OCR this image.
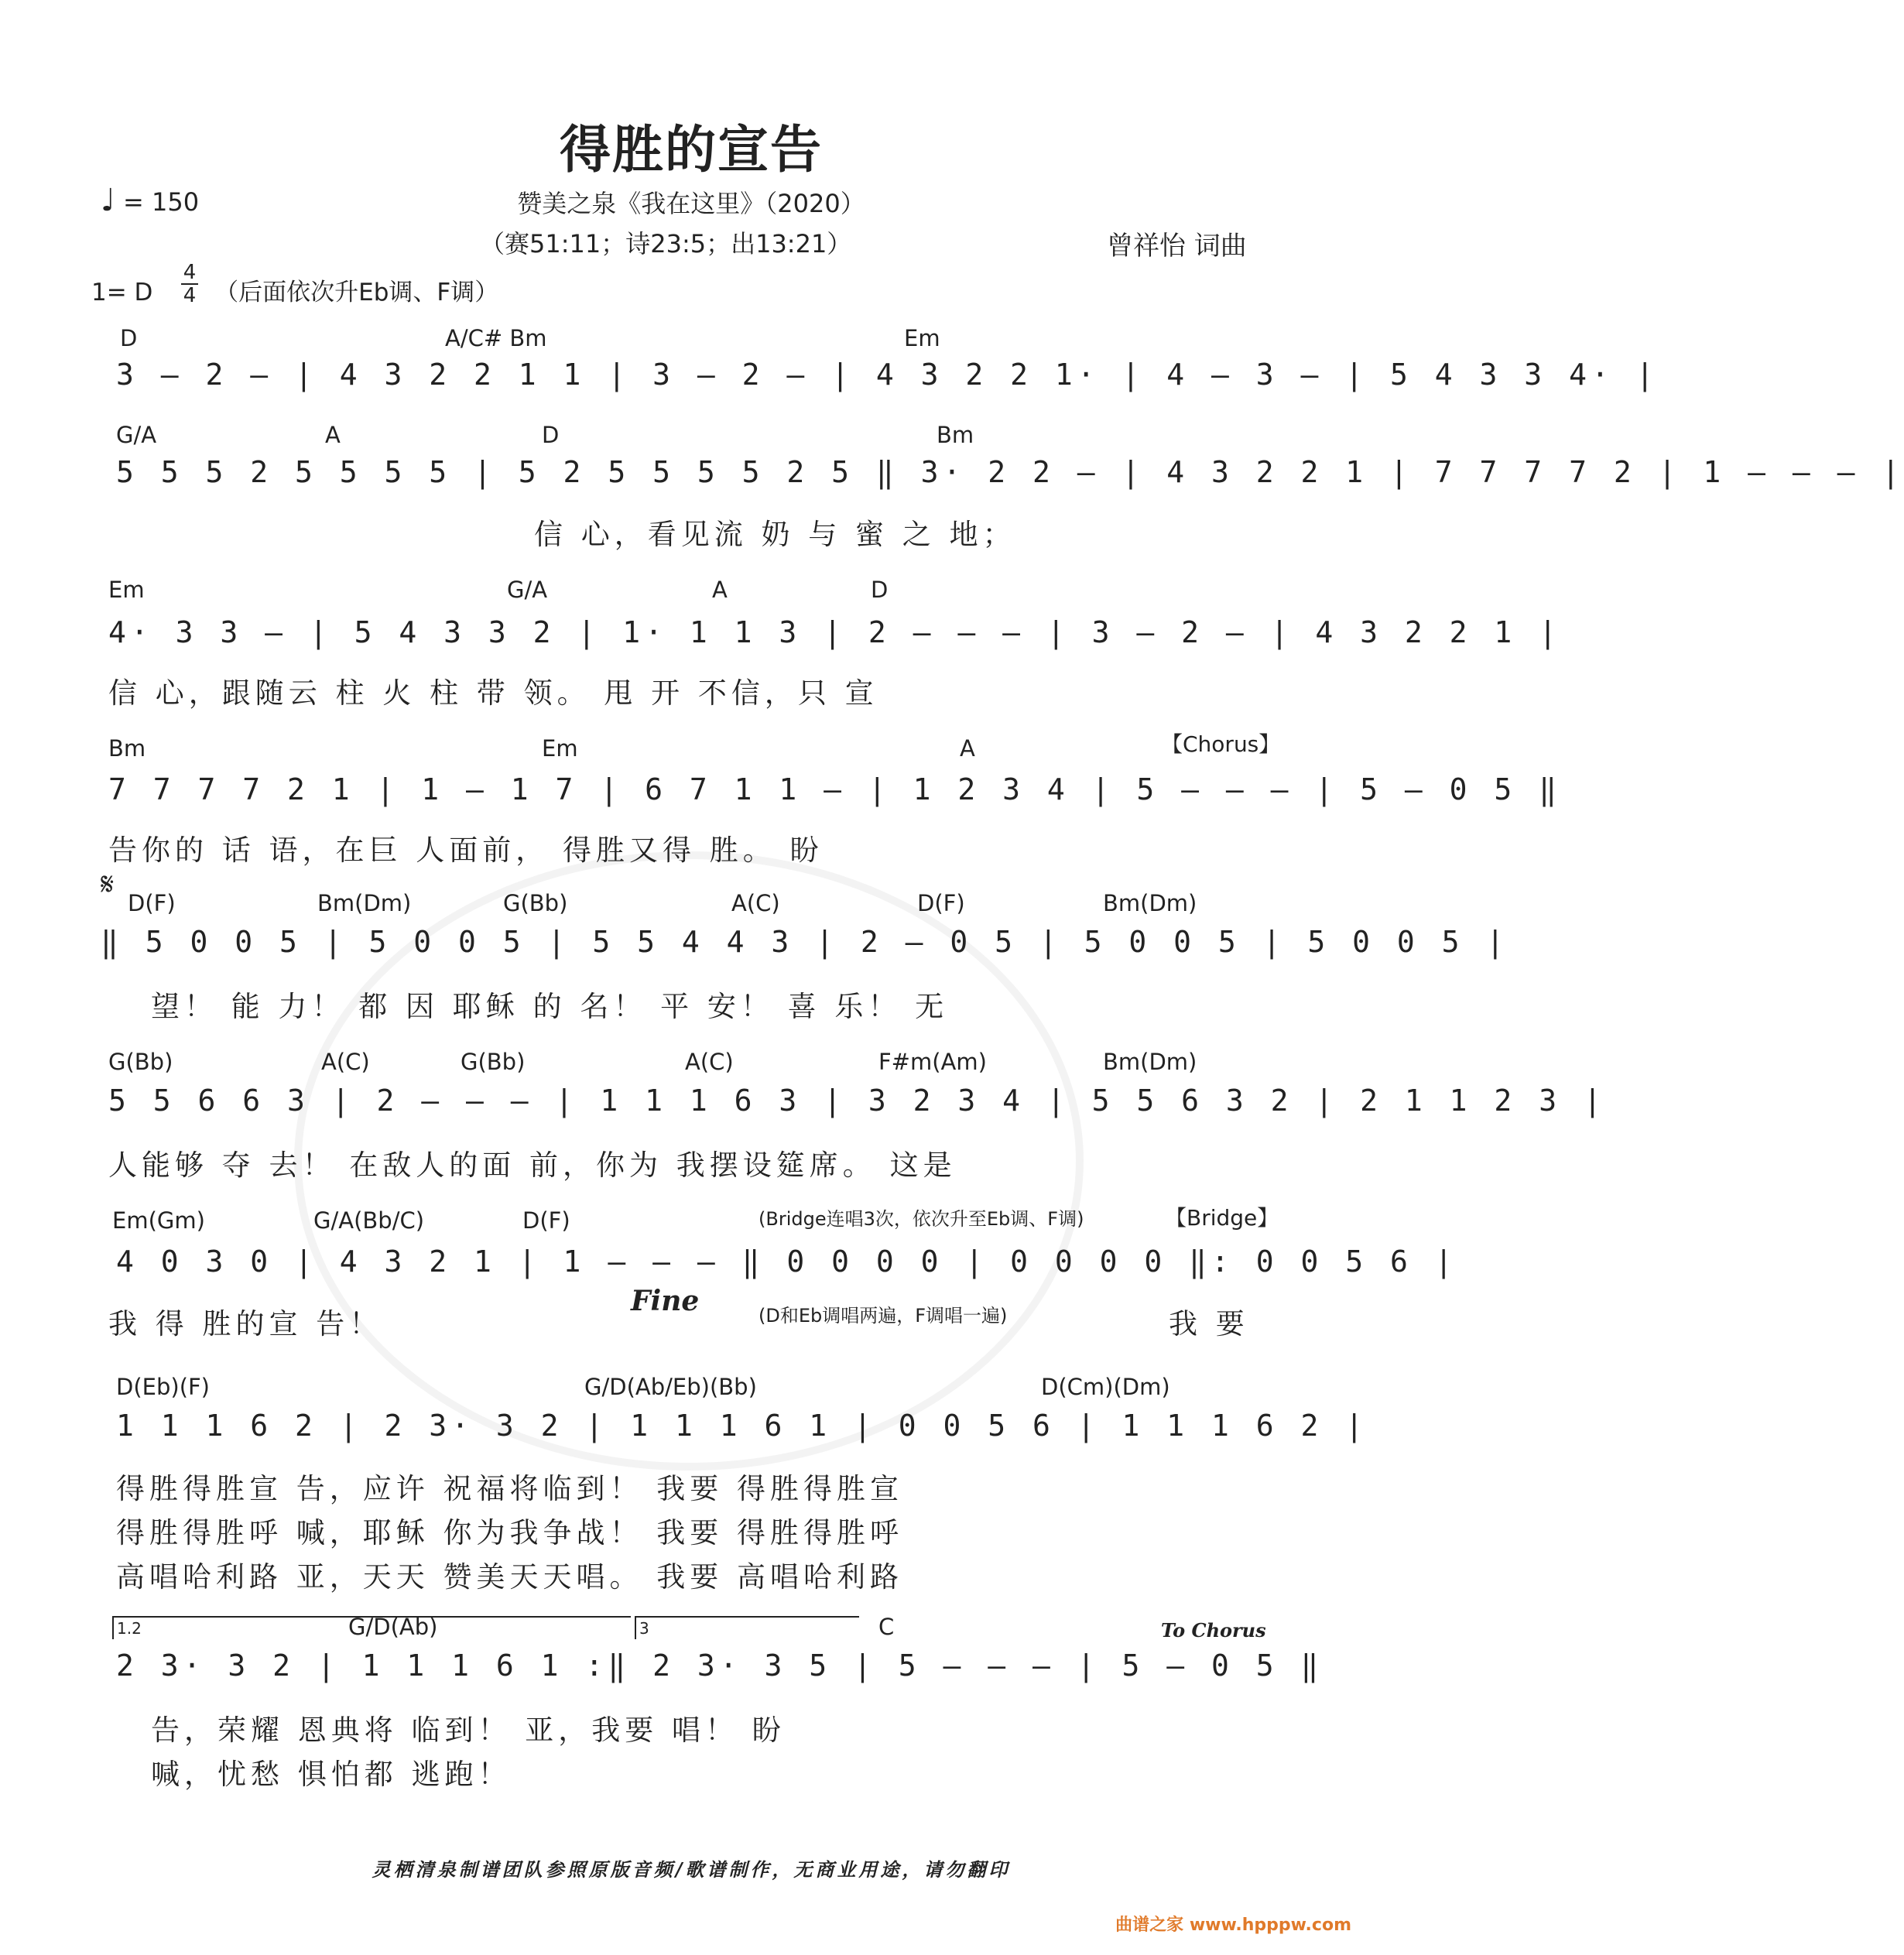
得胜的宣告
赞美之泉《我在这里》（2020）
（赛51:11；诗23:5；出13:21）	曾祥怡 词曲
♩ = 150
1= D	（后面依次升Eb调、F调）
4
4
D	A/C# Bm	Em
3 – 2 – | 4 3 2 2 1 1 | 3 – 2 – | 4 3 2 2 1· | 4 – 3 – | 5 4 3 3 4· |
G/A	A	D	Bm
5 5 5 2 5 5 5 5 | 5 2 5 5 5 5 2 5 ‖ 3· 2 2 – | 4 3 2 2 1 | 7 7 7 7 2 | 1 – – – |
信 心，看见流 奶 与 蜜 之 地；
Em	G/A	A	D
4· 3 3 – | 5 4 3 3 2 | 1· 1 1 3 | 2 – – – | 3 – 2 – | 4 3 2 2 1 |
信 心，跟随云 柱 火 柱 带 领。 甩 开 不信，只 宣
Bm	Em	A	【Chorus】
7 7 7 7 2 1 | 1 – 1 7 | 6 7 1 1 – | 1 2 3 4 | 5 – – – | 5 – 0 5 ‖
告你的 话 语，在巨 人面前， 得胜又得 胜。 盼
𝄋
D(F)	Bm(Dm)	G(Bb)	A(C)	D(F)	Bm(Dm)
‖ 5 0 0 5 | 5 0 0 5 | 5 5 4 4 3 | 2 – 0 5 | 5 0 0 5 | 5 0 0 5 |
望！ 能 力！ 都 因 耶稣 的 名！ 平 安！ 喜 乐！ 无
G(Bb)	A(C)	G(Bb)	A(C)	F#m(Am)	Bm(Dm)
5 5 6 6 3 | 2 – – – | 1 1 1 6 3 | 3 2 3 4 | 5 5 6 3 2 | 2 1 1 2 3 |
人能够 夺 去！ 在敌人的面 前，你为 我摆设筵席。 这是
Em(Gm)	G/A(Bb/C)	D(F)	(Bridge连唱3次，依次升至Eb调、F调)	【Bridge】
4 0 3 0 | 4 3 2 1 | 1 – – – ‖ 0 0 0 0 | 0 0 0 0 ‖: 0 0 5 6 |
我 得 胜的宣 告！
Fine	(D和Eb调唱两遍，F调唱一遍)	我 要
D(Eb)(F)	G/D(Ab/Eb)(Bb)	D(Cm)(Dm)
1 1 1 6 2 | 2 3· 3 2 | 1 1 1 6 1 | 0 0 5 6 | 1 1 1 6 2 |
得胜得胜宣 告，应许 祝福将临到！ 我要 得胜得胜宣
得胜得胜呼 喊，耶稣 你为我争战！ 我要 得胜得胜呼
高唱哈利路 亚，天天 赞美天天唱。 我要 高唱哈利路
1.2	3
G/D(Ab)	C	To Chorus
2 3· 3 2 | 1 1 1 6 1 :‖ 2 3· 3 5 | 5 – – – | 5 – 0 5 ‖
告，荣耀 恩典将 临到！ 亚，我要 唱！ 盼
喊，忧愁 惧怕都 逃跑！
灵栖清泉制谱团队参照原版音频/歌谱制作，无商业用途，请勿翻印
曲谱之家 www.hpppw.com
